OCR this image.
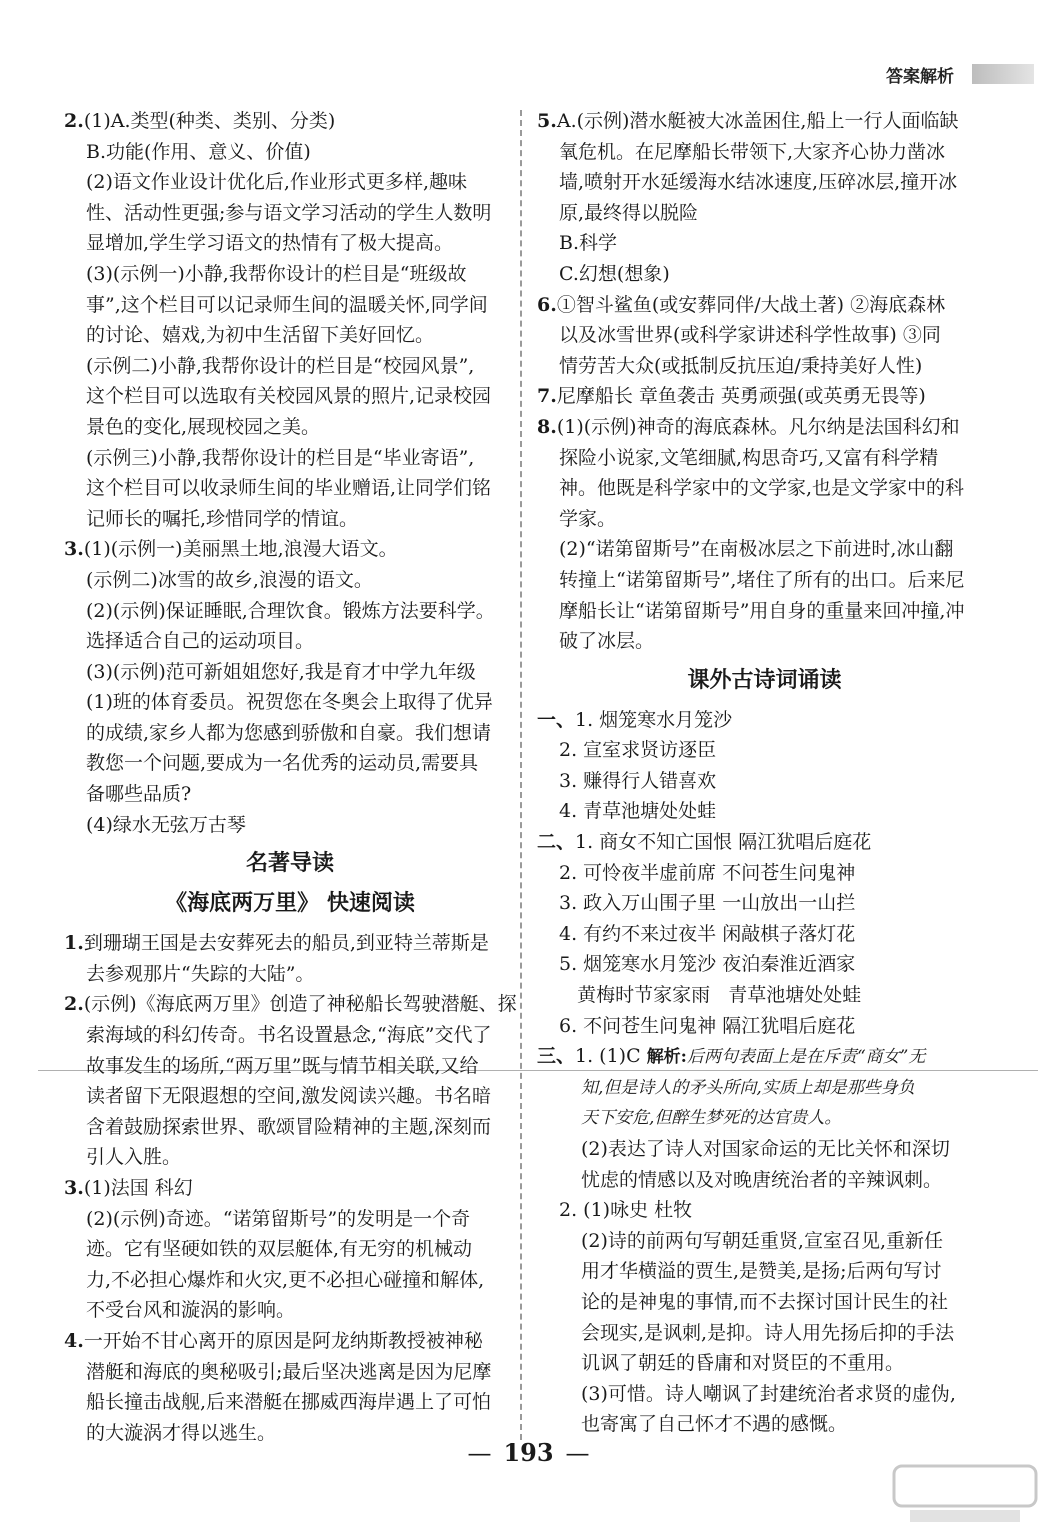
答案解析
2.(1)A.类型(种类、类别、分类)
B.功能(作用、意义、价值)
(2)语文作业设计优化后,作业形式更多样,趣味
性、活动性更强;参与语文学习活动的学生人数明
显增加,学生学习语文的热情有了极大提高。
(3)(示例一)小静,我帮你设计的栏目是“班级故
事”,这个栏目可以记录师生间的温暖关怀,同学间
的讨论、嬉戏,为初中生活留下美好回忆。
(示例二)小静,我帮你设计的栏目是“校园风景”,
这个栏目可以选取有关校园风景的照片,记录校园
景色的变化,展现校园之美。
(示例三)小静,我帮你设计的栏目是“毕业寄语”,
这个栏目可以收录师生间的毕业赠语,让同学们铭
记师长的嘱托,珍惜同学的情谊。
3.(1)(示例一)美丽黑土地,浪漫大语文。
(示例二)冰雪的故乡,浪漫的语文。
(2)(示例)保证睡眠,合理饮食。锻炼方法要科学。
选择适合自己的运动项目。
(3)(示例)范可新姐姐您好,我是育才中学九年级
(1)班的体育委员。祝贺您在冬奥会上取得了优异
的成绩,家乡人都为您感到骄傲和自豪。我们想请
教您一个问题,要成为一名优秀的运动员,需要具
备哪些品质?
(4)绿水无弦万古琴
名著导读
《海底两万里》 快速阅读
1.到珊瑚王国是去安葬死去的船员,到亚特兰蒂斯是
去参观那片“失踪的大陆”。
2.(示例)《海底两万里》创造了神秘船长驾驶潜艇、探
索海域的科幻传奇。书名设置悬念,“海底”交代了
故事发生的场所,“两万里”既与情节相关联,又给
读者留下无限遐想的空间,激发阅读兴趣。书名暗
含着鼓励探索世界、歌颂冒险精神的主题,深刻而
引人入胜。
3.(1)法国 科幻
(2)(示例)奇迹。“诺第留斯号”的发明是一个奇
迹。它有坚硬如铁的双层艇体,有无穷的机械动
力,不必担心爆炸和火灾,更不必担心碰撞和解体,
不受台风和漩涡的影响。
4.一开始不甘心离开的原因是阿龙纳斯教授被神秘
潜艇和海底的奥秘吸引;最后坚决逃离是因为尼摩
船长撞击战舰,后来潜艇在挪威西海岸遇上了可怕
的大漩涡才得以逃生。
5.A.(示例)潜水艇被大冰盖困住,船上一行人面临缺
氧危机。在尼摩船长带领下,大家齐心协力凿冰
墙,喷射开水延缓海水结冰速度,压碎冰层,撞开冰
原,最终得以脱险
B.科学
C.幻想(想象)
6.①智斗鲨鱼(或安葬同伴/大战土著) ②海底森林
以及冰雪世界(或科学家讲述科学性故事) ③同
情劳苦大众(或抵制反抗压迫/秉持美好人性)
7.尼摩船长 章鱼袭击 英勇顽强(或英勇无畏等)
8.(1)(示例)神奇的海底森林。凡尔纳是法国科幻和
探险小说家,文笔细腻,构思奇巧,又富有科学精
神。他既是科学家中的文学家,也是文学家中的科
学家。
(2)“诺第留斯号”在南极冰层之下前进时,冰山翻
转撞上“诺第留斯号”,堵住了所有的出口。后来尼
摩船长让“诺第留斯号”用自身的重量来回冲撞,冲
破了冰层。
课外古诗词诵读
一、1. 烟笼寒水月笼沙
2. 宣室求贤访逐臣
3. 赚得行人错喜欢
4. 青草池塘处处蛙
二、1. 商女不知亡国恨 隔江犹唱后庭花
2. 可怜夜半虚前席 不问苍生问鬼神
3. 政入万山围子里 一山放出一山拦
4. 有约不来过夜半 闲敲棋子落灯花
5. 烟笼寒水月笼沙 夜泊秦淮近酒家
黄梅时节家家雨   青草池塘处处蛙
6. 不问苍生问鬼神 隔江犹唱后庭花
三、1. (1)C 解析:后两句表面上是在斥责“商女”无
知,但是诗人的矛头所向,实质上却是那些身负
天下安危,但醉生梦死的达官贵人。
(2)表达了诗人对国家命运的无比关怀和深切
忧虑的情感以及对晚唐统治者的辛辣讽刺。
2. (1)咏史 杜牧
(2)诗的前两句写朝廷重贤,宣室召见,重新任
用才华横溢的贾生,是赞美,是扬;后两句写讨
论的是神鬼的事情,而不去探讨国计民生的社
会现实,是讽刺,是抑。诗人用先扬后抑的手法
讥讽了朝廷的昏庸和对贤臣的不重用。
(3)可惜。诗人嘲讽了封建统治者求贤的虚伪,
也寄寓了自己怀才不遇的感慨。
— 193 —
